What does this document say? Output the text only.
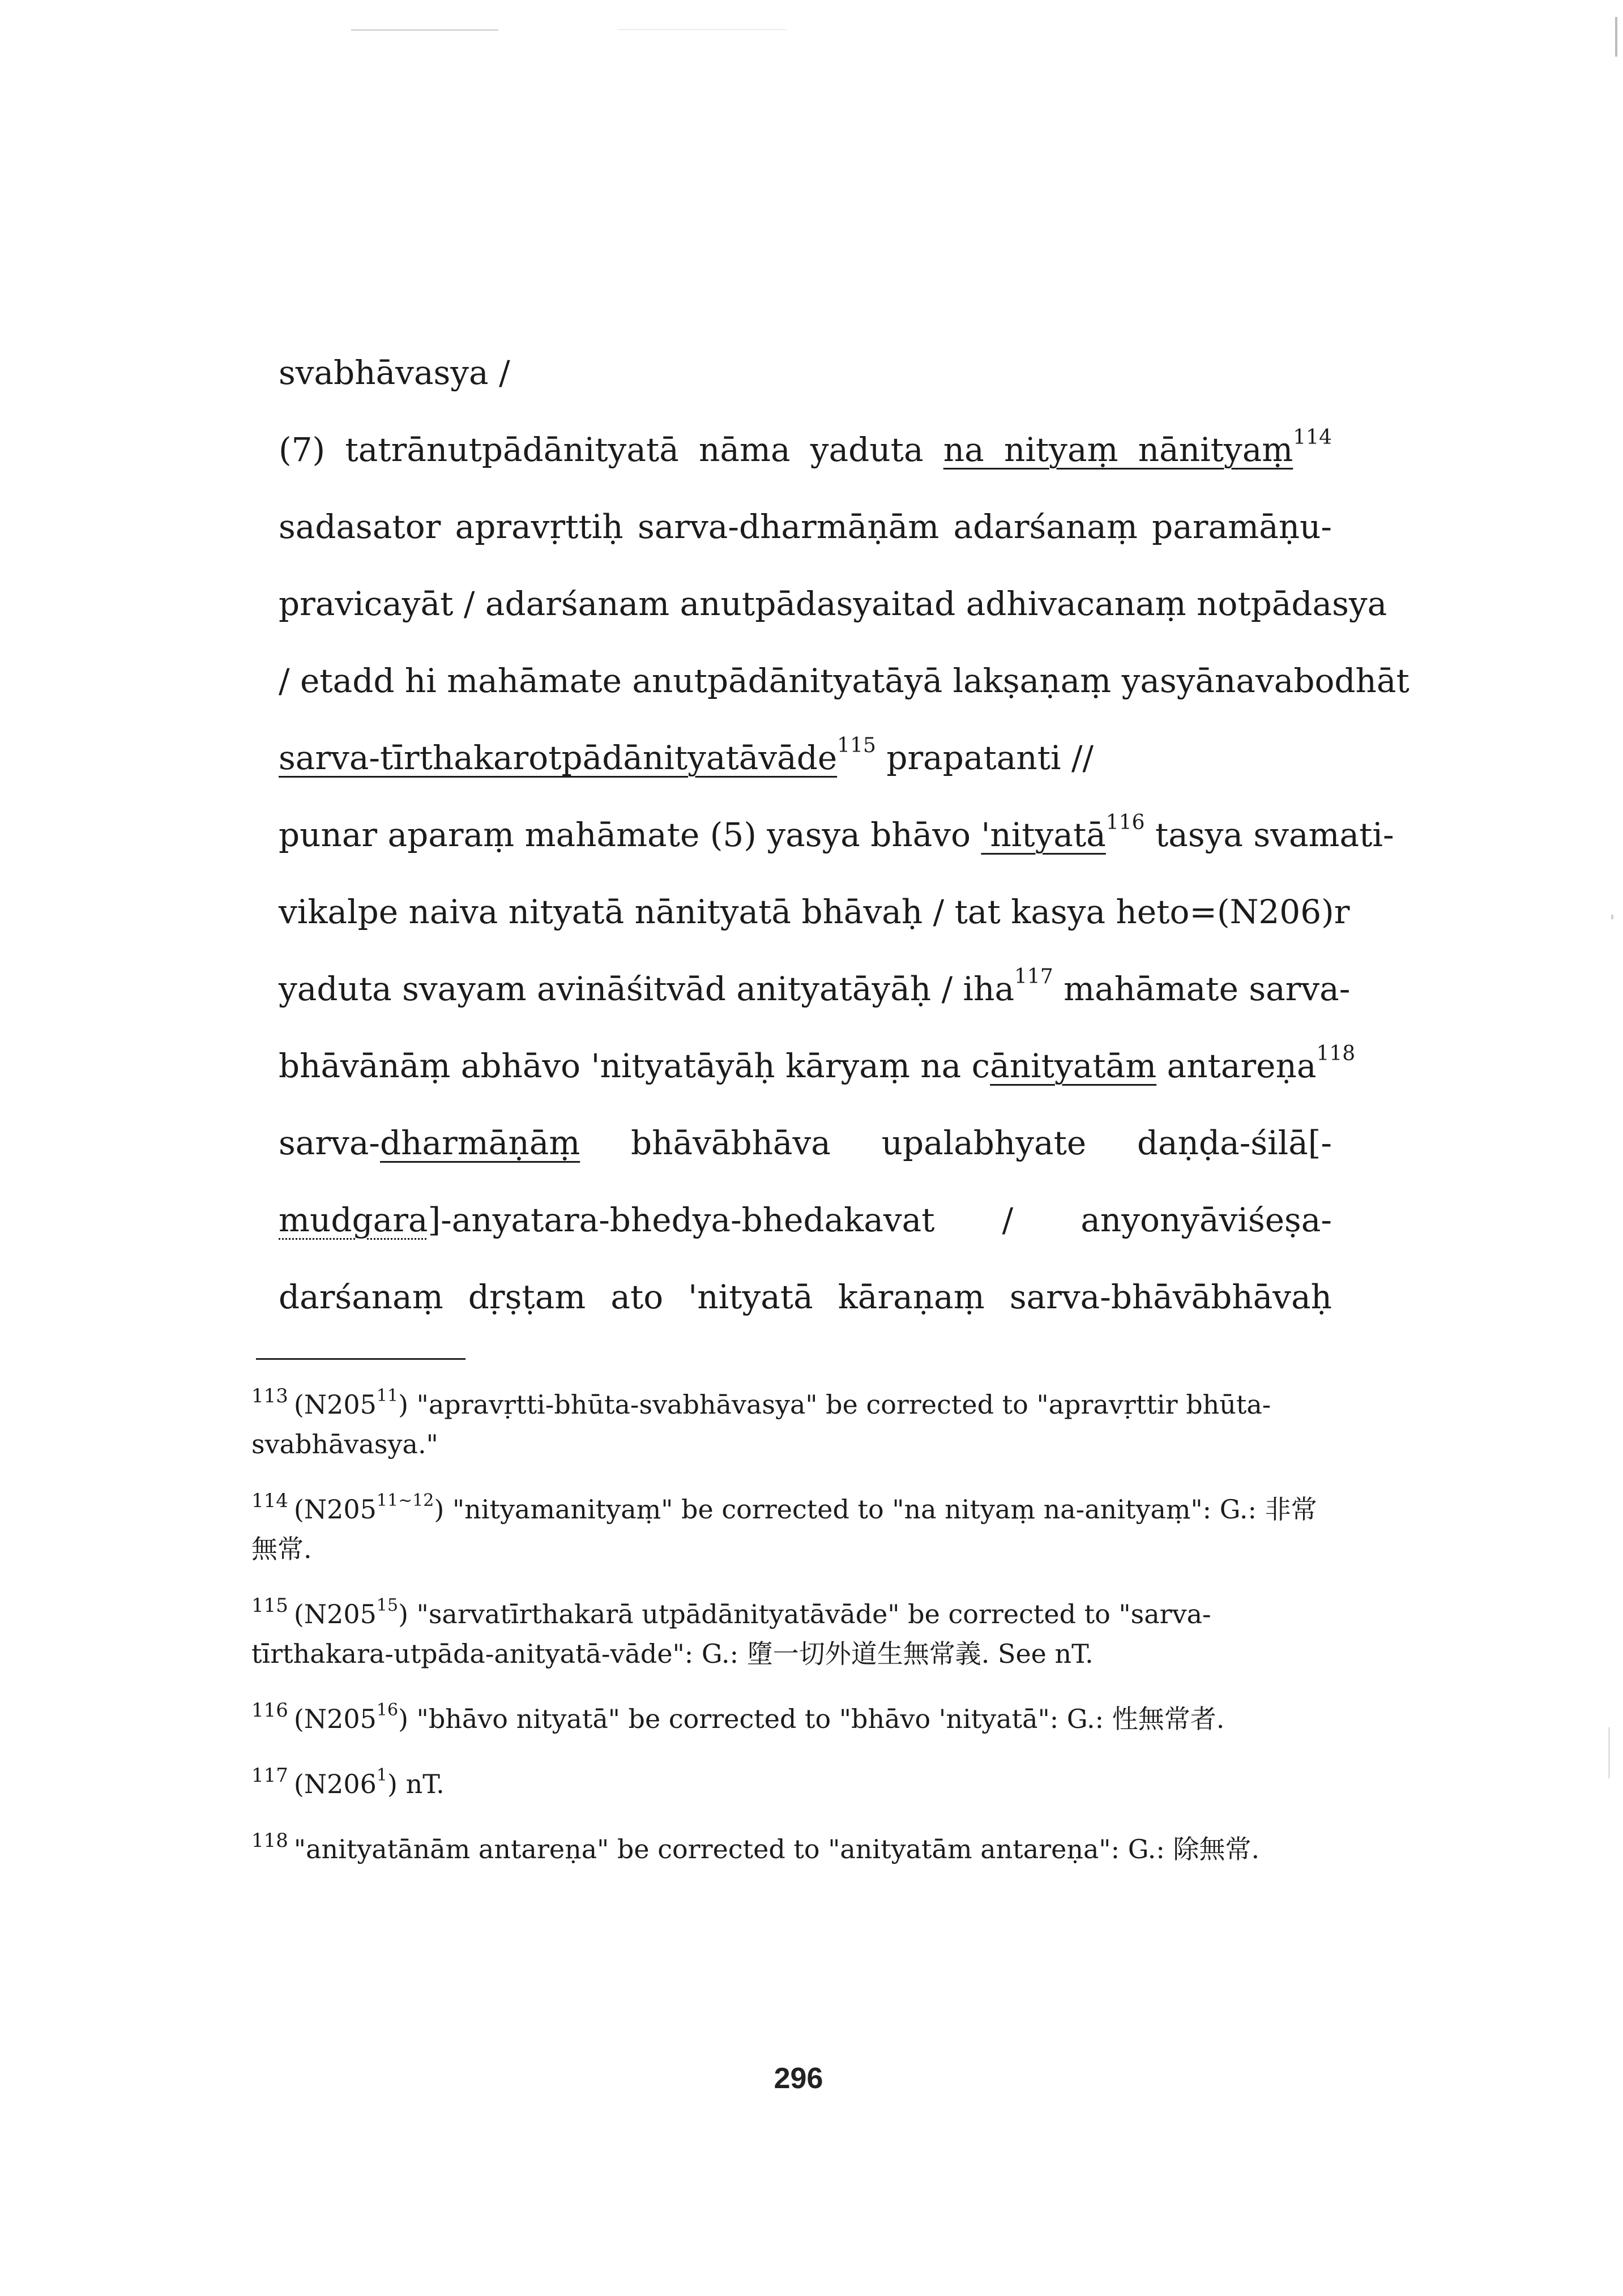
svabhāvasya /
(7) tatrānutpādānityatā nāma yaduta na nityaṃ nānityaṃ$^{114}$
sadasator apravṛttiḥ sarva-dharmāṇām adarśanaṃ paramāṇu-
pravicayāt / adarśanam anutpādasyaitad adhivacanaṃ notpādasya
/ etadd hi mahāmate anutpādānityatāyā lakṣaṇaṃ yasyānavabodhāt
sarva-tīrthakarotpādānityatāvāde$^{115}$ prapatanti //
punar aparaṃ mahāmate (5) yasya bhāvo 'nityatā$^{116}$ tasya svamati-
vikalpe naiva nityatā nānityatā bhāvaḥ / tat kasya heto=(N206)r
yaduta svayam avināśitvād anityatāyāḥ / iha$^{117}$ mahāmate sarva-
bhāvānāṃ abhāvo 'nityatāyāḥ kāryaṃ na cānityatām antareṇa$^{118}$
sarva-dharmāṇāṃ bhāvābhāva upalabhyate daṇḍa-śilā[-
mudgara]-anyatara-bhedya-bhedakavat / anyonyāviśeṣa-
darśanaṃ dṛṣṭam ato 'nityatā kāraṇaṃ sarva-bhāvābhāvaḥ
$^{113}$ $(N205^{11})$ "apravṛtti-bhūta-svabhāvasya" be corrected to "apravṛttir bhūta-svabhāvasya."
$^{114}$ $(N205^{11\sim 12})$ "nityamanityaṃ" be corrected to "na nityaṃ na-anityaṃ": G.: 非常無常.
$^{115}$ $(N205^{15})$ "sarvatīrthakarā utpādānityatāvāde" be corrected to "sarva-tīrthakara-utpāda-anityatā-vāde": G.: 墮一切外道生無常義. See nT.
$^{116}$ $(N205^{16})$ "bhāvo nityatā" be corrected to "bhāvo 'nityatā": G.: 性無常者.
$^{117}$ $(N206^1)$ nT.
$^{118}$ "anityatānām antareṇa" be corrected to "anityatām antareṇa": G.: 除無常.
296
